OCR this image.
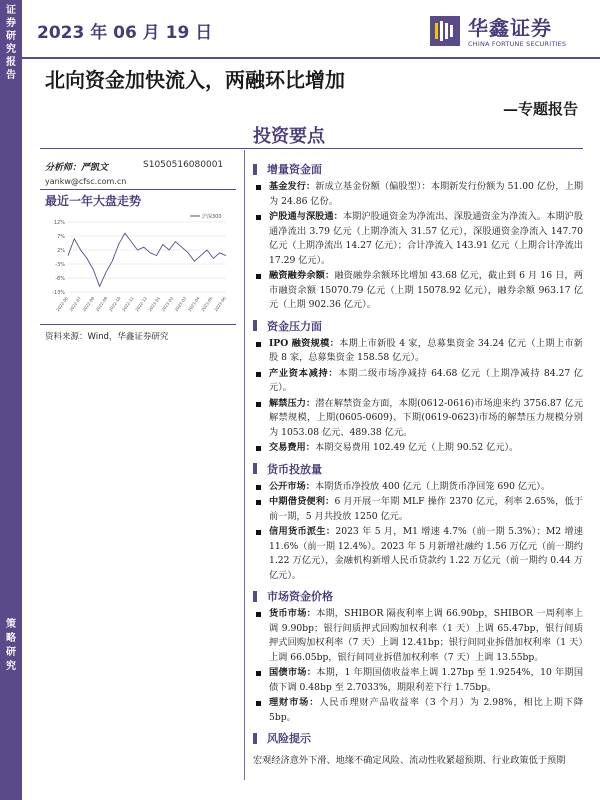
证券研究报告
策略研究
2023 年 06 月 19 日	华鑫证券
CHINA FORTUNE SECURITIES
北向资金加快流入，两融环比增加
—专题报告
投资要点
分析师：严凯文	S1050516080001
yankw@cfsc.com.cn
最近一年大盘走势
12%
7%
2%
-3%
-8%
-13%
2022-06 2022-07 2022-08 2022-09 2022-10 2022-11 2022-12 2023-01 2023-02 2023-03 2023-04 2023-05 2023-06
沪深300
资料来源：Wind，华鑫证券研究
增量资金面
基金发行：新成立基金份额（偏股型）：本期新发行份额为 51.00 亿份，上期为 24.86 亿份。
沪股通与深股通：本期沪股通资金为净流出、深股通资金为净流入。本期沪股通净流出 3.79 亿元（上期净流入 31.57 亿元），深股通资金净流入 147.70 亿元（上期净流出 14.27 亿元）；合计净流入 143.91 亿元（上期合计净流出 17.29 亿元）。
融资融券余额：融资融券余额环比增加 43.68 亿元，截止到 6 月 16 日，两市融资余额 15070.79 亿元（上期 15078.92 亿元），融券余额 963.17 亿元（上期 902.36 亿元）。
资金压力面
IPO 融资规模：本期上市新股 4 家，总募集资金 34.24 亿元（上期上市新股 8 家，总募集资金 158.58 亿元）。
产业资本减持：本期二级市场净减持 64.68 亿元（上期净减持 84.27 亿元）。
解禁压力：潜在解禁资金方面，本期(0612-0616)市场迎来约 3756.87 亿元解禁规模，上期(0605-0609)、下期(0619-0623)市场的解禁压力规模分别为 1053.08 亿元、489.38 亿元。
交易费用：本期交易费用 102.49 亿元（上期 90.52 亿元）。
货币投放量
公开市场：本期货币净投放 400 亿元（上期货币净回笼 690 亿元）。
中期借贷便利：6 月开展一年期 MLF 操作 2370 亿元，利率 2.65%，低于前一期，5 月共投放 1250 亿元。
信用货币派生：2023 年 5 月，M1 增速 4.7%（前一期 5.3%）；M2 增速 11.6%（前一期 12.4%）。2023 年 5 月新增社融约 1.56 万亿元（前一期约 1.22 万亿元），金融机构新增人民币贷款约 1.22 万亿元（前一期约 0.44 万亿元）。
市场资金价格
货币市场：本期，SHIBOR 隔夜利率上调 66.90bp，SHIBOR 一周利率上调 9.90bp；银行间质押式回购加权利率（1 天）上调 65.47bp，银行间质押式回购加权利率（7 天）上调 12.41bp；银行间同业拆借加权利率（1 天）上调 66.05bp，银行间同业拆借加权利率（7 天）上调 13.55bp。
国债市场：本期，1 年期国债收益率上调 1.27bp 至 1.9254%，10 年期国债下调 0.48bp 至 2.7033%，期限利差下行 1.75bp。
理财市场：人民币理财产品收益率（3 个月）为 2.98%，相比上期下降 5bp。
风险提示
宏观经济意外下滑、地缘不确定风险、流动性收紧超预期、行业政策低于预期
